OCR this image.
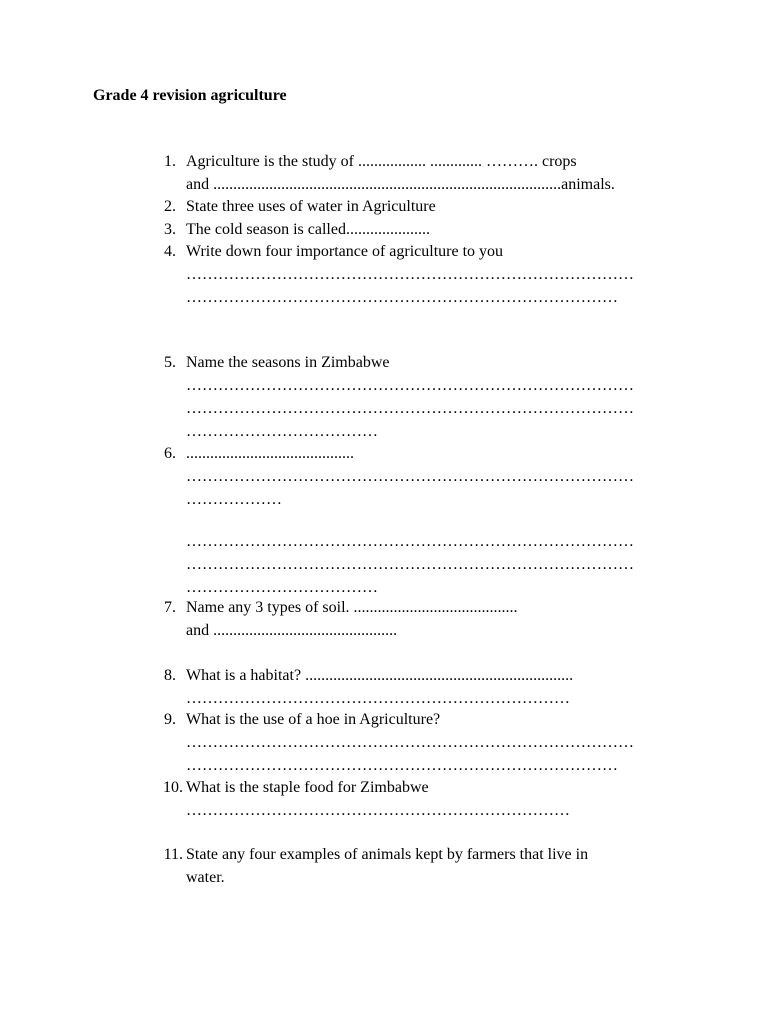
Grade 4 revision agriculture
1. Agriculture is the study of ................. ............. ………. crops
and .......................................................................................animals.
2. State three uses of water in Agriculture
3. The cold season is called.....................
4. Write down four importance of agriculture to you
…………………………………………………………………………
………………………………………………………………………
5. Name the seasons in Zimbabwe
…………………………………………………………………………
…………………………………………………………………………
………………………………
6. ..........................................
…………………………………………………………………………
………………
…………………………………………………………………………
…………………………………………………………………………
………………………………
7. Name any 3 types of soil. .........................................
and ..............................................
8. What is a habitat? ...................................................................
………………………………………………………………
9. What is the use of a hoe in Agriculture?
…………………………………………………………………………
………………………………………………………………………
10. What is the staple food for Zimbabwe
………………………………………………………………
11. State any four examples of animals kept by farmers that live in
water.
